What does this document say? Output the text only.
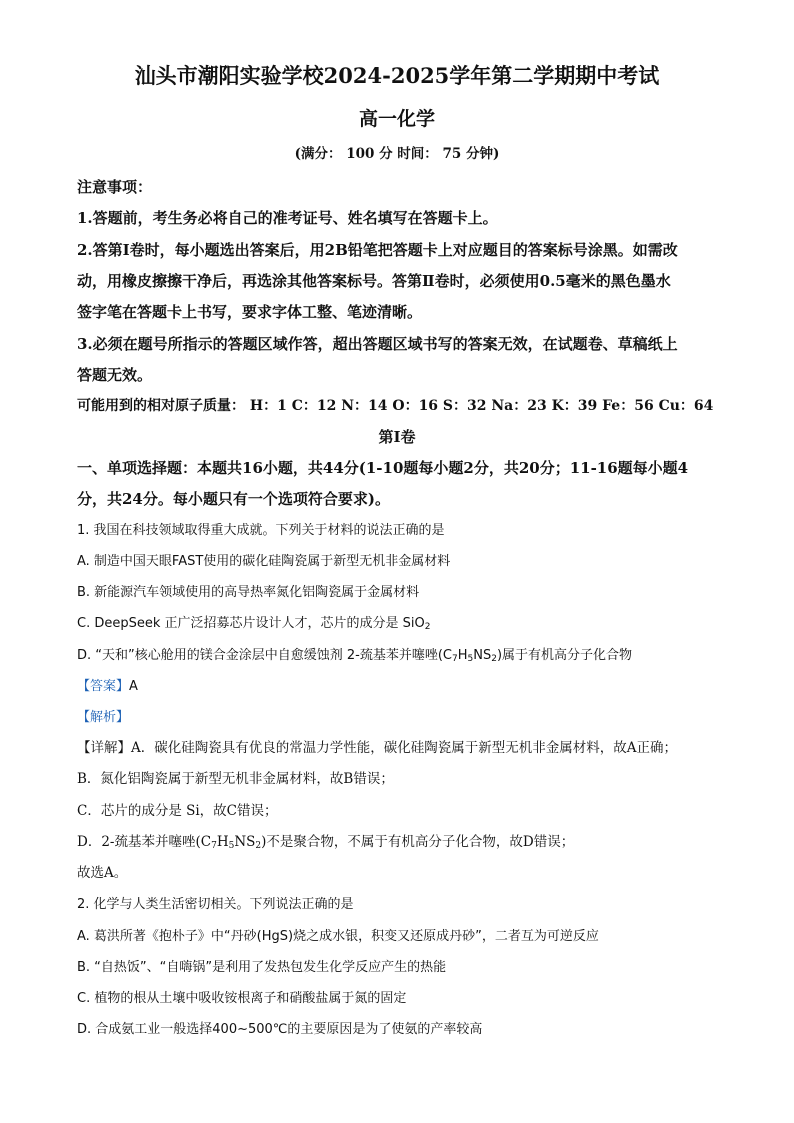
汕头市潮阳实验学校2024-2025学年第二学期期中考试
高一化学
(满分： 100 分 时间： 75 分钟)
注意事项：
1.答题前，考生务必将自己的准考证号、姓名填写在答题卡上。
2.答第Ⅰ卷时，每小题选出答案后，用2B铅笔把答题卡上对应题目的答案标号涂黑。如需改
动，用橡皮擦擦干净后，再选涂其他答案标号。答第Ⅱ卷时，必须使用0.5毫米的黑色墨水
签字笔在答题卡上书写，要求字体工整、笔迹清晰。
3.必须在题号所指示的答题区域作答，超出答题区域书写的答案无效，在试题卷、草稿纸上
答题无效。
可能用到的相对原子质量： H：1 C：12 N：14 O：16 S：32 Na：23 K：39 Fe：56 Cu：64
第Ⅰ卷
一、单项选择题：本题共16小题，共44分(1-10题每小题2分，共20分；11-16题每小题4
分，共24分。每小题只有一个选项符合要求)。
1. 我国在科技领域取得重大成就。下列关于材料的说法正确的是
A. 制造中国天眼FAST使用的碳化硅陶瓷属于新型无机非金属材料
B. 新能源汽车领域使用的高导热率氮化铝陶瓷属于金属材料
C. DeepSeek 正广泛招募芯片设计人才，芯片的成分是 SiO$_2$
D. “天和”核心舱用的镁合金涂层中自愈缓蚀剂 2-巯基苯并噻唑$(C_7H_5NS_2)$属于有机高分子化合物
【答案】A
【解析】
【详解】A．碳化硅陶瓷具有优良的常温力学性能，碳化硅陶瓷属于新型无机非金属材料，故A正确；
B．氮化铝陶瓷属于新型无机非金属材料，故B错误；
C．芯片的成分是 Si，故C错误；
D．2-巯基苯并噻唑$(C_7H_5NS_2)$不是聚合物，不属于有机高分子化合物，故D错误；
故选A。
2. 化学与人类生活密切相关。下列说法正确的是
A. 葛洪所著《抱朴子》中“丹砂(HgS)烧之成水银，积变又还原成丹砂”，二者互为可逆反应
B. “自热饭”、“自嗨锅”是利用了发热包发生化学反应产生的热能
C. 植物的根从土壤中吸收铵根离子和硝酸盐属于氮的固定
D. 合成氨工业一般选择400~500℃的主要原因是为了使氨的产率较高
